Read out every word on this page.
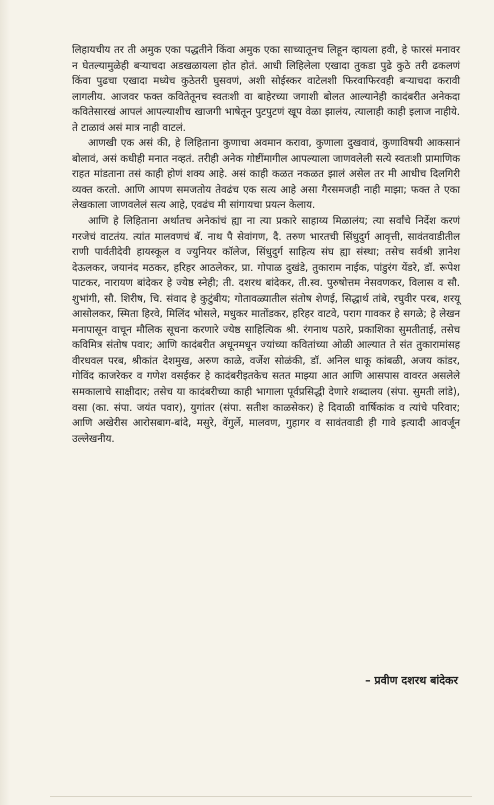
लिहायचीय तर ती अमुक एका पद्धतीने किंवा अमुक एका साच्यातूनच लिहून व्हायला हवी, हे फारसं मनावर न घेतल्यामुळेही बऱ्याचदा अडखळायला होत होतं. आधी लिहिलेला एखादा तुकडा पुढे कुठे तरी ढकलणं किंवा पुढचा एखादा मध्येच कुठेतरी घुसवणं, अशी सोईस्कर वाटेलशी फिरवाफिरवही बऱ्याचदा करावी लागलीय. आजवर फक्त कवितेतूनच स्वतःशी वा बाहेरच्या जगाशी बोलत आल्यानेही कादंबरीत अनेकदा कवितेसारखं आपलं आपल्याशीच खाजगी भाषेतून पुटपुटणं खूप वेळा झालंय, त्यालाही काही इलाज नाहीये. ते टाळावं असं मात्र नाही वाटलं.

आणखी एक असं की, हे लिहिताना कुणाचा अवमान करावा, कुणाला दुखवावं, कुणाविषयी आकसानं बोलावं, असं कधीही मनात नव्हतं. तरीही अनेक गोष्टींमागील आपल्याला जाणवलेली सत्ये स्वतःशी प्रामाणिक राहत मांडताना तसं काही होणं शक्य आहे. असं काही कळत नकळत झालं असेल तर मी आधीच दिलगिरी व्यक्त करतो. आणि आपण समजतोय तेवढंच एक सत्य आहे असा गैरसमजही नाही माझा; फक्त ते एका लेखकाला जाणवलेलं सत्य आहे, एवढंच मी सांगायचा प्रयत्न केलाय.

आणि हे लिहिताना अर्थातच अनेकांचं ह्या ना त्या प्रकारे साहाय्य मिळालंय; त्या सर्वांचे निर्देश करणं गरजेचं वाटतंय. त्यांत मालवणचं बॅ. नाथ पै सेवांगण, दै. तरुण भारतची सिंधुदुर्ग आवृत्ती, सावंतवाडीतील राणी पार्वतीदेवी हायस्कूल व ज्युनियर कॉलेज, सिंधुदुर्ग साहित्य संघ ह्या संस्था; तसेच सर्वश्री ज्ञानेश देऊलकर, जयानंद मठकर, हरिहर आठलेकर, प्रा. गोपाळ दुखंडे, तुकाराम नाईक, पांडुरंग येंडरे, डॉ. रूपेश पाटकर, नारायण बांदेकर हे ज्येष्ठ स्नेही; ती. दशरथ बांदेकर, ती.स्व. पुरुषोत्तम नेसवणकर, विलास व सौ. शुभांगी, सौ. शिरीष, चि. संवाद हे कुटुंबीय; गोतावळ्यातील संतोष शेणई, सिद्धार्थ तांबे, रघुवीर परब, शरयू आसोलकर, स्मिता हिरवे, मिलिंद भोसले, मधुकर मातोंडकर, हरिहर वाटवे, पराग गावकर हे सगळे; हे लेखन मनापासून वाचून मौलिक सूचना करणारे ज्येष्ठ साहित्यिक श्री. रंगनाथ पठारे, प्रकाशिका सुमतीताई, तसेच कविमित्र संतोष पवार; आणि कादंबरीत अधूनमधून ज्यांच्या कवितांच्या ओळी आल्यात ते संत तुकारामांसह वीरधवल परब, श्रीकांत देशमुख, अरुण काळे, वर्जेश सोळंकी, डॉ. अनिल धाकू कांबळी, अजय कांडर, गोविंद काजरेकर व गणेश वसईकर हे कादंबरीइतकेच सतत माझ्या आत आणि आसपास वावरत असलेले समकालाचे साक्षीदार; तसेच या कादंबरीच्या काही भागाला पूर्वप्रसिद्धी देणारे शब्दालय (संपा. सुमती लांडे), वसा (का. संपा. जयंत पवार), युगांतर (संपा. सतीश काळसेकर) हे दिवाळी वार्षिकांक व त्यांचे परिवार; आणि अखेरीस आरोसबाग-बांदे, मसुरे, वेंगुर्ले, मालवण, गुहागर व सावंतवाडी ही गावे इत्यादी आवर्जून उल्लेखनीय.

– प्रवीण दशरथ बांदेकर
